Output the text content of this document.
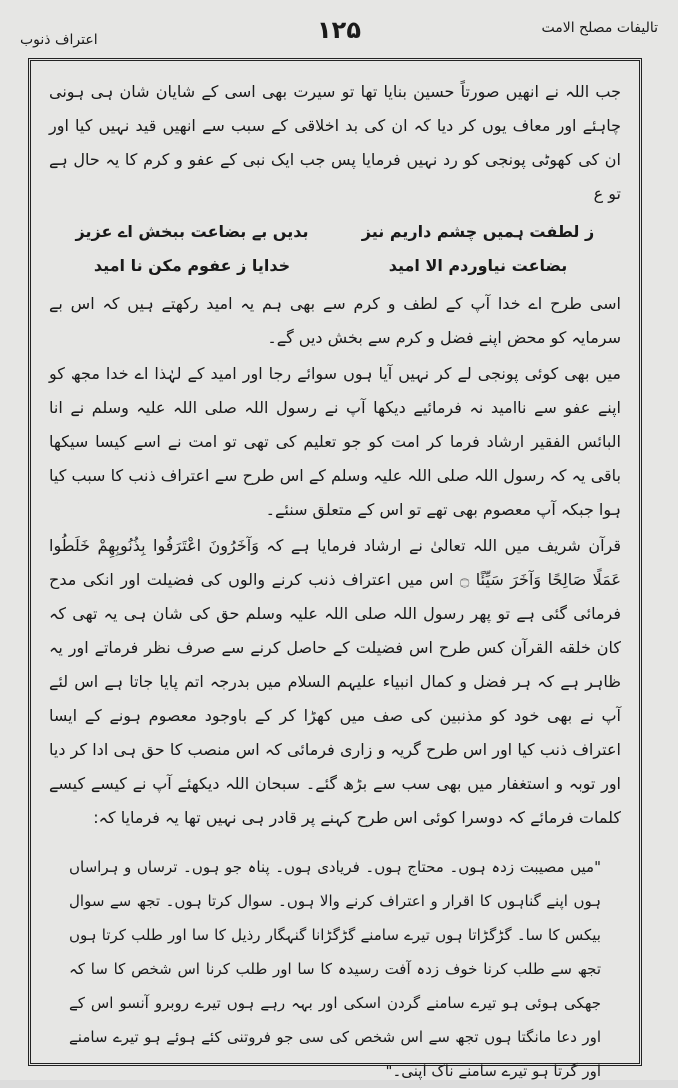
تالیفات مصلح الامت
۱۲۵
اعتراف ذنوب

جب اللہ نے انھیں صورتاً حسین بنایا تھا تو سیرت بھی اسی کے شایان شان ہی ہونی چاہئے اور معاف یوں کر دیا کہ ان کی بد اخلاقی کے سبب سے انھیں قید نہیں کیا اور ان کی کھوٹی پونجی کو رد نہیں فرمایا پس جب ایک نبی کے عفو و کرم کا یہ حال ہے تو ع

ز لطفت ہمیں چشم داریم نیز
بدیں بے بضاعت ببخش اے عزیز
بضاعت نیاوردم الا امید
خدایا ز عفوم مکن نا امید

اسی طرح اے خدا آپ کے لطف و کرم سے بھی ہم یہ امید رکھتے ہیں کہ اس بے سرمایہ کو محض اپنے فضل و کرم سے بخش دیں گے۔

میں بھی کوئی پونجی لے کر نہیں آیا ہوں سوائے رجا اور امید کے لہٰذا اے خدا مجھ کو اپنے عفو سے ناامید نہ فرمائیے دیکھا آپ نے رسول اللہ صلی اللہ علیہ وسلم نے انا البائس الفقیر ارشاد فرما کر امت کو جو تعلیم کی تھی تو امت نے اسے کیسا سیکھا باقی یہ کہ رسول اللہ صلی اللہ علیہ وسلم کے اس طرح سے اعتراف ذنب کا سبب کیا ہوا جبکہ آپ معصوم بھی تھے تو اس کے متعلق سنئے۔

قرآن شریف میں اللہ تعالیٰ نے ارشاد فرمایا ہے کہ وَآخَرُونَ اعْتَرَفُوا بِذُنُوبِهِمْ خَلَطُوا عَمَلًا صَالِحًا وَآخَرَ سَيِّئًا ۝ اس میں اعتراف ذنب کرنے والوں کی فضیلت اور انکی مدح فرمائی گئی ہے تو پھر رسول اللہ صلی اللہ علیہ وسلم حق کی شان ہی یہ تھی کہ کان خلقه القرآن کس طرح اس فضیلت کے حاصل کرنے سے صرف نظر فرماتے اور یہ ظاہر ہے کہ ہر فضل و کمال انبیاء علیہم السلام میں بدرجہ اتم پایا جاتا ہے اس لئے آپ نے بھی خود کو مذنبین کی صف میں کھڑا کر کے باوجود معصوم ہونے کے ایسا اعتراف ذنب کیا اور اس طرح گریہ و زاری فرمائی کہ اس منصب کا حق ہی ادا کر دیا اور توبہ و استغفار میں بھی سب سے بڑھ گئے۔ سبحان اللہ دیکھئے آپ نے کیسے کیسے کلمات فرمائے کہ دوسرا کوئی اس طرح کہنے پر قادر ہی نہیں تھا یہ فرمایا کہ:

"میں مصیبت زدہ ہوں۔ محتاج ہوں۔ فریادی ہوں۔ پناہ جو ہوں۔ ترساں و ہراساں ہوں اپنے گناہوں کا اقرار و اعتراف کرنے والا ہوں۔ سوال کرتا ہوں۔ تجھ سے سوال بیکس کا سا۔ گڑگڑاتا ہوں تیرے سامنے گڑگڑانا گنہگار رذیل کا سا اور طلب کرتا ہوں تجھ سے طلب کرنا خوف زدہ آفت رسیدہ کا سا اور طلب کرنا اس شخص کا سا کہ جھکی ہوئی ہو تیرے سامنے گردن اسکی اور بہہ رہے ہوں تیرے روبرو آنسو اس کے اور دعا مانگتا ہوں تجھ سے اس شخص کی سی جو فروتنی کئے ہوئے ہو تیرے سامنے اور گرتا ہو تیرے سامنے ناک اپنی۔"
